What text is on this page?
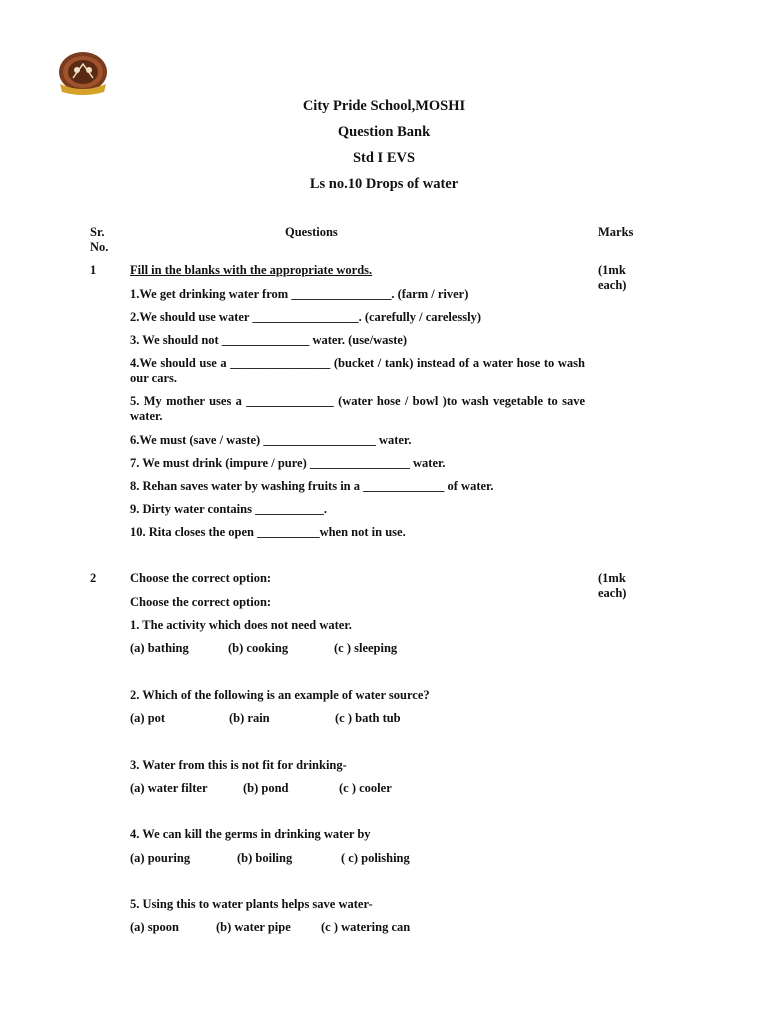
City Pride School,MOSHI
Question Bank
Std I EVS
Ls no.10 Drops of water
Sr.
No.
Questions	Marks
1	Fill in the blanks with the appropriate words.	(1mk
each)
1.We get drinking water from ________________. (farm / river)
2.We should use water _________________. (carefully / carelessly)
3. We should not ______________ water. (use/waste)
4.We should use a ________________ (bucket / tank) instead of a water hose to wash our cars.
5. My mother uses a ______________ (water hose / bowl )to wash vegetable to save water.
6.We must (save / waste) __________________ water.
7. We must drink (impure / pure) ________________ water.
8. Rehan saves water by washing fruits in a _____________ of water.
9. Dirty water contains ___________.
10. Rita closes the open __________when not in use.
2	Choose the correct option:	(1mk
each)
Choose the correct option:
1. The activity which does not need water.
(a) bathing	(b) cooking	(c ) sleeping
2. Which of the following is an example of water source?
(a) pot	(b) rain	(c ) bath tub
3. Water from this is not fit for drinking-
(a) water filter	(b) pond	(c ) cooler
4. We can kill the germs in drinking water by
(a) pouring	(b) boiling	( c) polishing
5. Using this to water plants helps save water-
(a) spoon	(b) water pipe (c ) watering can
